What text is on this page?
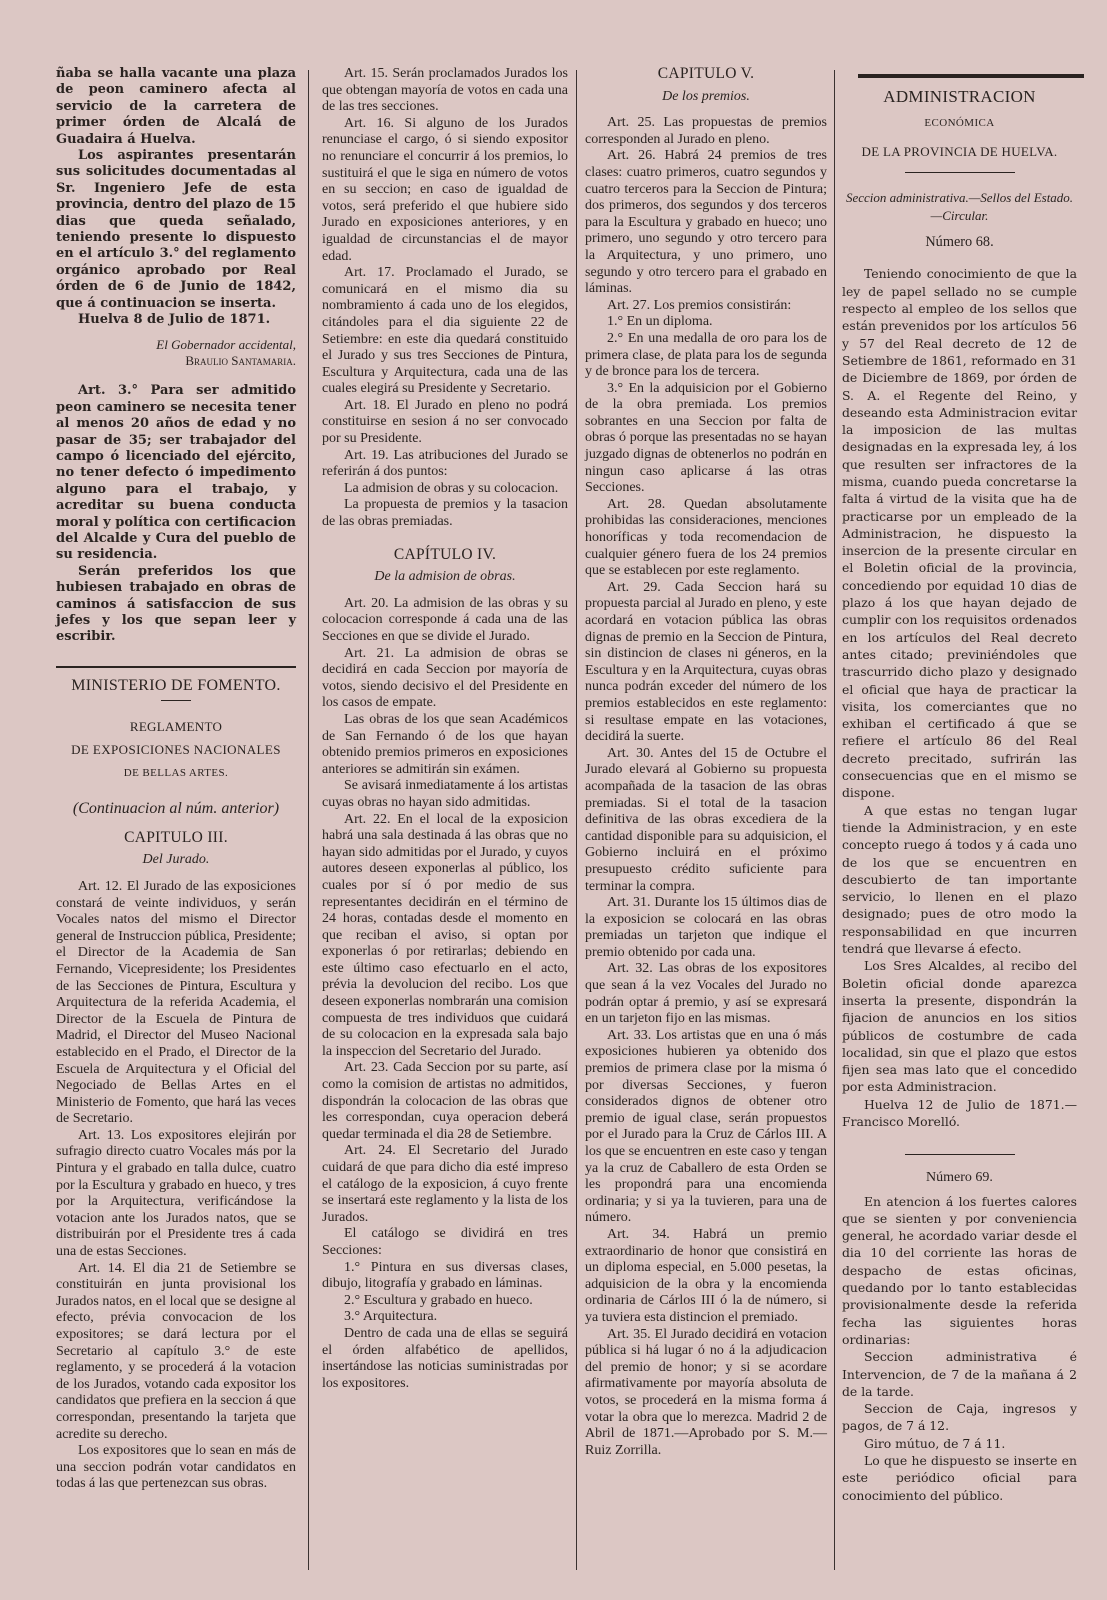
ñaba se halla vacante una plaza de peon caminero afecta al servicio de la carretera de primer órden de Alcalá de Guadaira á Huelva.

Los aspirantes presentarán sus solicitudes documentadas al Sr. Ingeniero Jefe de esta provincia, dentro del plazo de 15 dias que queda señalado, teniendo presente lo dispuesto en el artículo 3.° del reglamento orgánico aprobado por Real órden de 6 de Junio de 1842, que á continuacion se inserta.

Huelva 8 de Julio de 1871.

El Gobernador accidental,

Braulio Santamaria.

Art. 3.° Para ser admitido peon caminero se necesita tener al menos 20 años de edad y no pasar de 35; ser trabajador del campo ó licenciado del ejército, no tener defecto ó impedimento alguno para el trabajo, y acreditar su buena conducta moral y política con certificacion del Alcalde y Cura del pueblo de su residencia.

Serán preferidos los que hubiesen trabajado en obras de caminos á satisfaccion de sus jefes y los que sepan leer y escribir.

MINISTERIO DE FOMENTO.

REGLAMENTO

DE EXPOSICIONES NACIONALES

DE BELLAS ARTES.

(Continuacion al núm. anterior)

CAPITULO III.

Del Jurado.

Art. 12. El Jurado de las exposiciones constará de veinte individuos, y serán Vocales natos del mismo el Director general de Instruccion pública, Presidente; el Director de la Academia de San Fernando, Vicepresidente; los Presidentes de las Secciones de Pintura, Escultura y Arquitectura de la referida Academia, el Director de la Escuela de Pintura de Madrid, el Director del Museo Nacional establecido en el Prado, el Director de la Escuela de Arquitectura y el Oficial del Negociado de Bellas Artes en el Ministerio de Fomento, que hará las veces de Secretario.

Art. 13. Los expositores elejirán por sufragio directo cuatro Vocales más por la Pintura y el grabado en talla dulce, cuatro por la Escultura y grabado en hueco, y tres por la Arquitectura, verificándose la votacion ante los Jurados natos, que se distribuirán por el Presidente tres á cada una de estas Secciones.

Art. 14. El dia 21 de Setiembre se constituirán en junta provisional los Jurados natos, en el local que se designe al efecto, prévia convocacion de los expositores; se dará lectura por el Secretario al capítulo 3.° de este reglamento, y se procederá á la votacion de los Jurados, votando cada expositor los candidatos que prefiera en la seccion á que correspondan, presentando la tarjeta que acredite su derecho.

Los expositores que lo sean en más de una seccion podrán votar candidatos en todas á las que pertenezcan sus obras.

Art. 15. Serán proclamados Jurados los que obtengan mayoría de votos en cada una de las tres secciones.

Art. 16. Si alguno de los Jurados renunciase el cargo, ó si siendo expositor no renunciare el concurrir á los premios, lo sustituirá el que le siga en número de votos en su seccion; en caso de igualdad de votos, será preferido el que hubiere sido Jurado en exposiciones anteriores, y en igualdad de circunstancias el de mayor edad.

Art. 17. Proclamado el Jurado, se comunicará en el mismo dia su nombramiento á cada uno de los elegidos, citándoles para el dia siguiente 22 de Setiembre: en este dia quedará constituido el Jurado y sus tres Secciones de Pintura, Escultura y Arquitectura, cada una de las cuales elegirá su Presidente y Secretario.

Art. 18. El Jurado en pleno no podrá constituirse en sesion á no ser convocado por su Presidente.

Art. 19. Las atribuciones del Jurado se referirán á dos puntos:

La admision de obras y su colocacion.

La propuesta de premios y la tasacion de las obras premiadas.

CAPÍTULO IV.

De la admision de obras.

Art. 20. La admision de las obras y su colocacion corresponde á cada una de las Secciones en que se divide el Jurado.

Art. 21. La admision de obras se decidirá en cada Seccion por mayoría de votos, siendo decisivo el del Presidente en los casos de empate.

Las obras de los que sean Académicos de San Fernando ó de los que hayan obtenido premios primeros en exposiciones anteriores se admitirán sin exámen.

Se avisará inmediatamente á los artistas cuyas obras no hayan sido admitidas.

Art. 22. En el local de la exposicion habrá una sala destinada á las obras que no hayan sido admitidas por el Jurado, y cuyos autores deseen exponerlas al público, los cuales por sí ó por medio de sus representantes decidirán en el término de 24 horas, contadas desde el momento en que reciban el aviso, si optan por exponerlas ó por retirarlas; debiendo en este último caso efectuarlo en el acto, prévia la devolucion del recibo. Los que deseen exponerlas nombrarán una comision compuesta de tres individuos que cuidará de su colocacion en la expresada sala bajo la inspeccion del Secretario del Jurado.

Art. 23. Cada Seccion por su parte, así como la comision de artistas no admitidos, dispondrán la colocacion de las obras que les correspondan, cuya operacion deberá quedar terminada el dia 28 de Setiembre.

Art. 24. El Secretario del Jurado cuidará de que para dicho dia esté impreso el catálogo de la exposicion, á cuyo frente se insertará este reglamento y la lista de los Jurados.

El catálogo se dividirá en tres Secciones:

1.° Pintura en sus diversas clases, dibujo, litografía y grabado en láminas.

2.° Escultura y grabado en hueco.

3.° Arquitectura.

Dentro de cada una de ellas se seguirá el órden alfabético de apellidos, insertándose las noticias suministradas por los expositores.

CAPITULO V.

De los premios.

Art. 25. Las propuestas de premios corresponden al Jurado en pleno.

Art. 26. Habrá 24 premios de tres clases: cuatro primeros, cuatro segundos y cuatro terceros para la Seccion de Pintura; dos primeros, dos segundos y dos terceros para la Escultura y grabado en hueco; uno primero, uno segundo y otro tercero para la Arquitectura, y uno primero, uno segundo y otro tercero para el grabado en láminas.

Art. 27. Los premios consistirán:

1.° En un diploma.

2.° En una medalla de oro para los de primera clase, de plata para los de segunda y de bronce para los de tercera.

3.° En la adquisicion por el Gobierno de la obra premiada. Los premios sobrantes en una Seccion por falta de obras ó porque las presentadas no se hayan juzgado dignas de obtenerlos no podrán en ningun caso aplicarse á las otras Secciones.

Art. 28. Quedan absolutamente prohibidas las consideraciones, menciones honoríficas y toda recomendacion de cualquier género fuera de los 24 premios que se establecen por este reglamento.

Art. 29. Cada Seccion hará su propuesta parcial al Jurado en pleno, y este acordará en votacion pública las obras dignas de premio en la Seccion de Pintura, sin distincion de clases ni géneros, en la Escultura y en la Arquitectura, cuyas obras nunca podrán exceder del número de los premios establecidos en este reglamento: si resultase empate en las votaciones, decidirá la suerte.

Art. 30. Antes del 15 de Octubre el Jurado elevará al Gobierno su propuesta acompañada de la tasacion de las obras premiadas. Si el total de la tasacion definitiva de las obras excediera de la cantidad disponible para su adquisicion, el Gobierno incluirá en el próximo presupuesto crédito suficiente para terminar la compra.

Art. 31. Durante los 15 últimos dias de la exposicion se colocará en las obras premiadas un tarjeton que indique el premio obtenido por cada una.

Art. 32. Las obras de los expositores que sean á la vez Vocales del Jurado no podrán optar á premio, y así se expresará en un tarjeton fijo en las mismas.

Art. 33. Los artistas que en una ó más exposiciones hubieren ya obtenido dos premios de primera clase por la misma ó por diversas Secciones, y fueron considerados dignos de obtener otro premio de igual clase, serán propuestos por el Jurado para la Cruz de Cárlos III. A los que se encuentren en este caso y tengan ya la cruz de Caballero de esta Orden se les propondrá para una encomienda ordinaria; y si ya la tuvieren, para una de número.

Art. 34. Habrá un premio extraordinario de honor que consistirá en un diploma especial, en 5.000 pesetas, la adquisicion de la obra y la encomienda ordinaria de Cárlos III ó la de número, si ya tuviera esta distincion el premiado.

Art. 35. El Jurado decidirá en votacion pública si há lugar ó no á la adjudicacion del premio de honor; y si se acordare afirmativamente por mayoría absoluta de votos, se procederá en la misma forma á votar la obra que lo merezca. Madrid 2 de Abril de 1871.—Aprobado por S. M.—Ruiz Zorrilla.

ADMINISTRACION

ECONÓMICA

DE LA PROVINCIA DE HUELVA.

Seccion administrativa.—Sellos del Estado.—Circular.

Número 68.

Teniendo conocimiento de que la ley de papel sellado no se cumple respecto al empleo de los sellos que están prevenidos por los artículos 56 y 57 del Real decreto de 12 de Setiembre de 1861, reformado en 31 de Diciembre de 1869, por órden de S. A. el Regente del Reino, y deseando esta Administracion evitar la imposicion de las multas designadas en la expresada ley, á los que resulten ser infractores de la misma, cuando pueda concretarse la falta á virtud de la visita que ha de practicarse por un empleado de la Administracion, he dispuesto la insercion de la presente circular en el Boletin oficial de la provincia, concediendo por equidad 10 dias de plazo á los que hayan dejado de cumplir con los requisitos ordenados en los artículos del Real decreto antes citado; previniéndoles que trascurrido dicho plazo y designado el oficial que haya de practicar la visita, los comerciantes que no exhiban el certificado á que se refiere el artículo 86 del Real decreto precitado, sufrirán las consecuencias que en el mismo se dispone.

A que estas no tengan lugar tiende la Administracion, y en este concepto ruego á todos y á cada uno de los que se encuentren en descubierto de tan importante servicio, lo llenen en el plazo designado; pues de otro modo la responsabilidad en que incurren tendrá que llevarse á efecto.

Los Sres Alcaldes, al recibo del Boletin oficial donde aparezca inserta la presente, dispondrán la fijacion de anuncios en los sitios públicos de costumbre de cada localidad, sin que el plazo que estos fijen sea mas lato que el concedido por esta Administracion.

Huelva 12 de Julio de 1871.—Francisco Morelló.

Número 69.

En atencion á los fuertes calores que se sienten y por conveniencia general, he acordado variar desde el dia 10 del corriente las horas de despacho de estas oficinas, quedando por lo tanto establecidas provisionalmente desde la referida fecha las siguientes horas ordinarias:

Seccion administrativa é Intervencion, de 7 de la mañana á 2 de la tarde.

Seccion de Caja, ingresos y pagos, de 7 á 12.

Giro mútuo, de 7 á 11.

Lo que he dispuesto se inserte en este periódico oficial para conocimiento del público.
